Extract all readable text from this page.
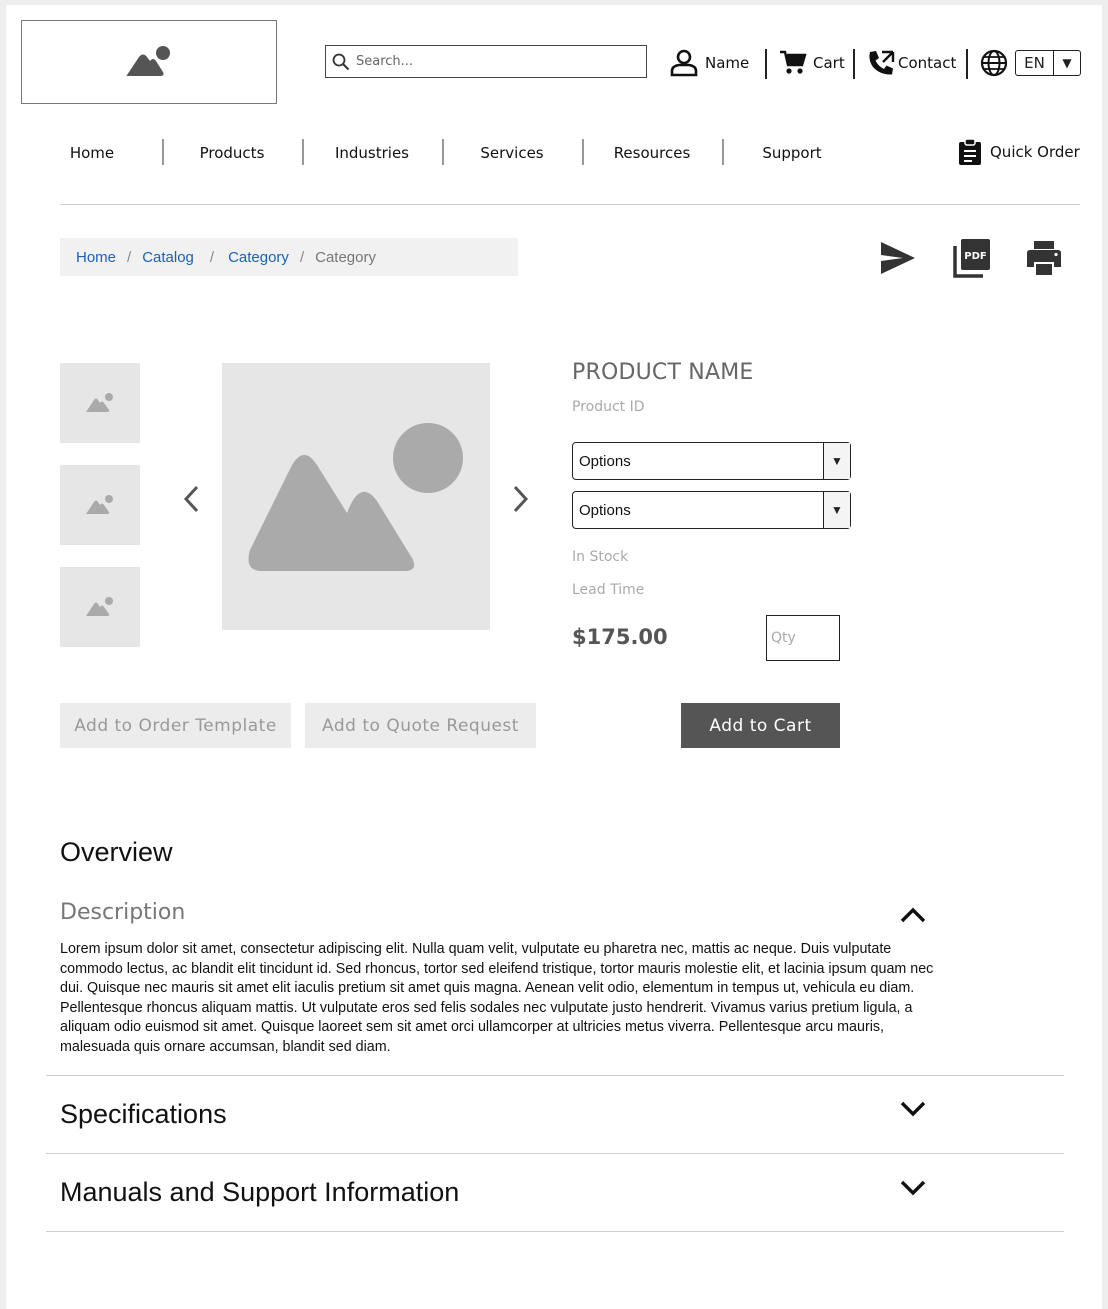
Search...
Name	Cart	Contact	EN	▼
Home	Products	Industries	Services	Resources	Support	Quick Order
Home / Catalog / Category / Category	PDF
PRODUCT NAME
Product ID
Options	▼
Options	▼
In Stock
Lead Time
$175.00
Qty
Add to Order Template	Add to Quote Request	Add to Cart
Overview
Description
Lorem ipsum dolor sit amet, consectetur adipiscing elit. Nulla quam velit, vulputate eu pharetra nec, mattis ac neque. Duis vulputate commodo lectus, ac blandit elit tincidunt id. Sed rhoncus, tortor sed eleifend tristique, tortor mauris molestie elit, et lacinia ipsum quam nec dui. Quisque nec mauris sit amet elit iaculis pretium sit amet quis magna. Aenean velit odio, elementum in tempus ut, vehicula eu diam. Pellentesque rhoncus aliquam mattis. Ut vulputate eros sed felis sodales nec vulputate justo hendrerit. Vivamus varius pretium ligula, a aliquam odio euismod sit amet. Quisque laoreet sem sit amet orci ullamcorper at ultricies metus viverra. Pellentesque arcu mauris, malesuada quis ornare accumsan, blandit sed diam.
Specifications
Manuals and Support Information
